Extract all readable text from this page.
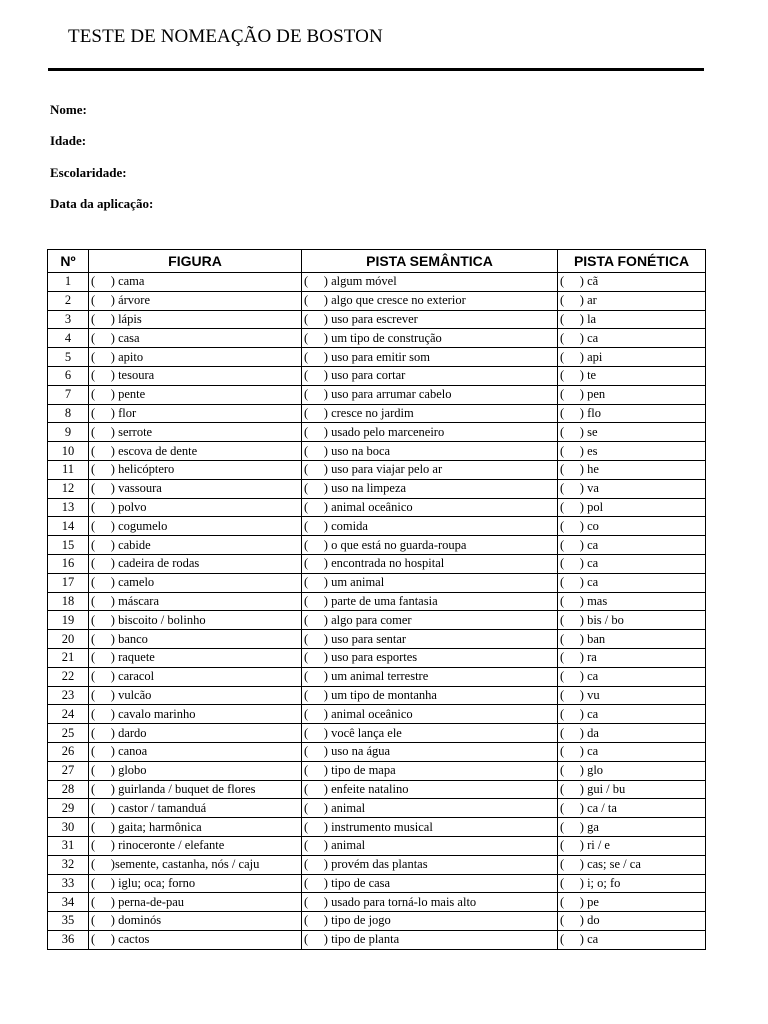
TESTE DE NOMEAÇÃO DE BOSTON
Nome:
Idade:
Escolaridade:
Data da aplicação:
Nº	FIGURA	PISTA SEMÂNTICA	PISTA FONÉTICA
1	(     ) cama	(     ) algum móvel	(     ) cã
2	(     ) árvore	(     ) algo que cresce no exterior	(     ) ar
3	(     ) lápis	(     ) uso para escrever	(     ) la
4	(     ) casa	(     ) um tipo de construção	(     ) ca
5	(     ) apito	(     ) uso para emitir som	(     ) api
6	(     ) tesoura	(     ) uso para cortar	(     ) te
7	(     ) pente	(     ) uso para arrumar cabelo	(     ) pen
8	(     ) flor	(     ) cresce no jardim	(     ) flo
9	(     ) serrote	(     ) usado pelo marceneiro	(     ) se
10	(     ) escova de dente	(     ) uso na boca	(     ) es
11	(     ) helicóptero	(     ) uso para viajar pelo ar	(     ) he
12	(     ) vassoura	(     ) uso na limpeza	(     ) va
13	(     ) polvo	(     ) animal oceânico	(     ) pol
14	(     ) cogumelo	(     ) comida	(     ) co
15	(     ) cabide	(     ) o que está no guarda-roupa	(     ) ca
16	(     ) cadeira de rodas	(     ) encontrada no hospital	(     ) ca
17	(     ) camelo	(     ) um animal	(     ) ca
18	(     ) máscara	(     ) parte de uma fantasia	(     ) mas
19	(     ) biscoito / bolinho	(     ) algo para comer	(     ) bis / bo
20	(     ) banco	(     ) uso para sentar	(     ) ban
21	(     ) raquete	(     ) uso para esportes	(     ) ra
22	(     ) caracol	(     ) um animal terrestre	(     ) ca
23	(     ) vulcão	(     ) um tipo de montanha	(     ) vu
24	(     ) cavalo marinho	(     ) animal oceânico	(     ) ca
25	(     ) dardo	(     ) você lança ele	(     ) da
26	(     ) canoa	(     ) uso na água	(     ) ca
27	(     ) globo	(     ) tipo de mapa	(     ) glo
28	(     ) guirlanda / buquet de flores	(     ) enfeite natalino	(     ) gui / bu
29	(     ) castor / tamanduá	(     ) animal	(     ) ca / ta
30	(     ) gaita; harmônica	(     ) instrumento musical	(     ) ga
31	(     ) rinoceronte / elefante	(     ) animal	(     ) ri / e
32	(     )semente, castanha, nós / caju	(     ) provém das plantas	(     ) cas; se / ca
33	(     ) iglu; oca; forno	(     ) tipo de casa	(     ) i; o; fo
34	(     ) perna-de-pau	(     ) usado para torná-lo mais alto	(     ) pe
35	(     ) dominós	(     ) tipo de jogo	(     ) do
36	(     ) cactos	(     ) tipo de planta	(     ) ca
